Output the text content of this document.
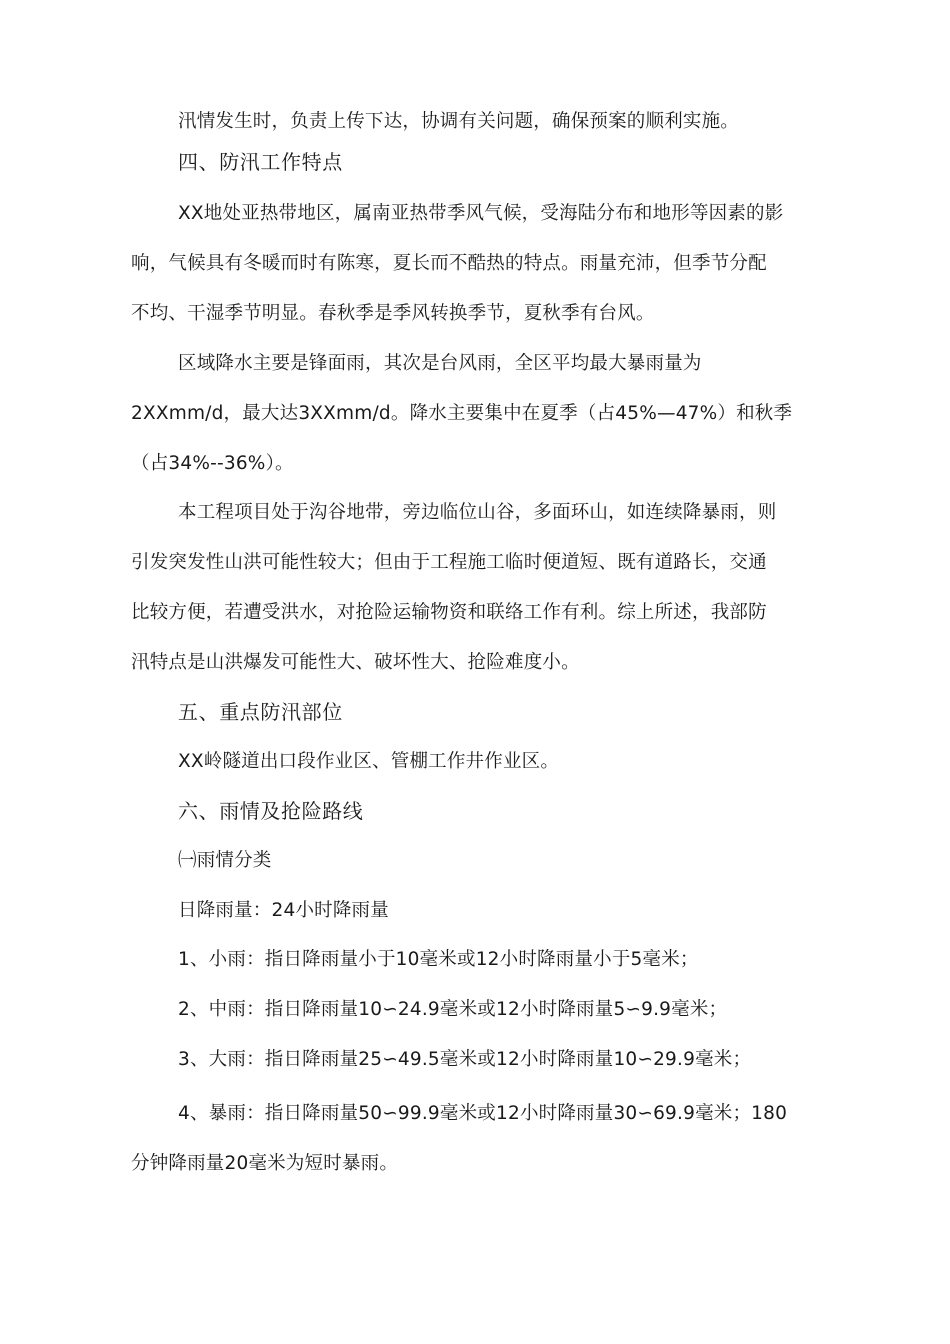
汛情发生时，负责上传下达，协调有关问题，确保预案的顺利实施。
四、防汛工作特点
XX地处亚热带地区，属南亚热带季风气候，受海陆分布和地形等因素的影
响，气候具有冬暖而时有陈寒，夏长而不酷热的特点。雨量充沛，但季节分配
不均、干湿季节明显。春秋季是季风转换季节，夏秋季有台风。
区域降水主要是锋面雨，其次是台风雨，全区平均最大暴雨量为
2XXmm/d，最大达3XXmm/d。降水主要集中在夏季（占45%—47%）和秋季
（占34%--36%）。
本工程项目处于沟谷地带，旁边临位山谷，多面环山，如连续降暴雨，则
引发突发性山洪可能性较大；但由于工程施工临时便道短、既有道路长，交通
比较方便，若遭受洪水，对抢险运输物资和联络工作有利。综上所述，我部防
汛特点是山洪爆发可能性大、破坏性大、抢险难度小。
五、重点防汛部位
XX岭隧道出口段作业区、管棚工作井作业区。
六、雨情及抢险路线
㈠雨情分类
日降雨量：24小时降雨量
1、小雨：指日降雨量小于10毫米或12小时降雨量小于5毫米；
2、中雨：指日降雨量10∽24.9毫米或12小时降雨量5∽9.9毫米；
3、大雨：指日降雨量25∽49.5毫米或12小时降雨量10∽29.9毫米；
4、暴雨：指日降雨量50∽99.9毫米或12小时降雨量30∽69.9毫米；180
分钟降雨量20毫米为短时暴雨。
